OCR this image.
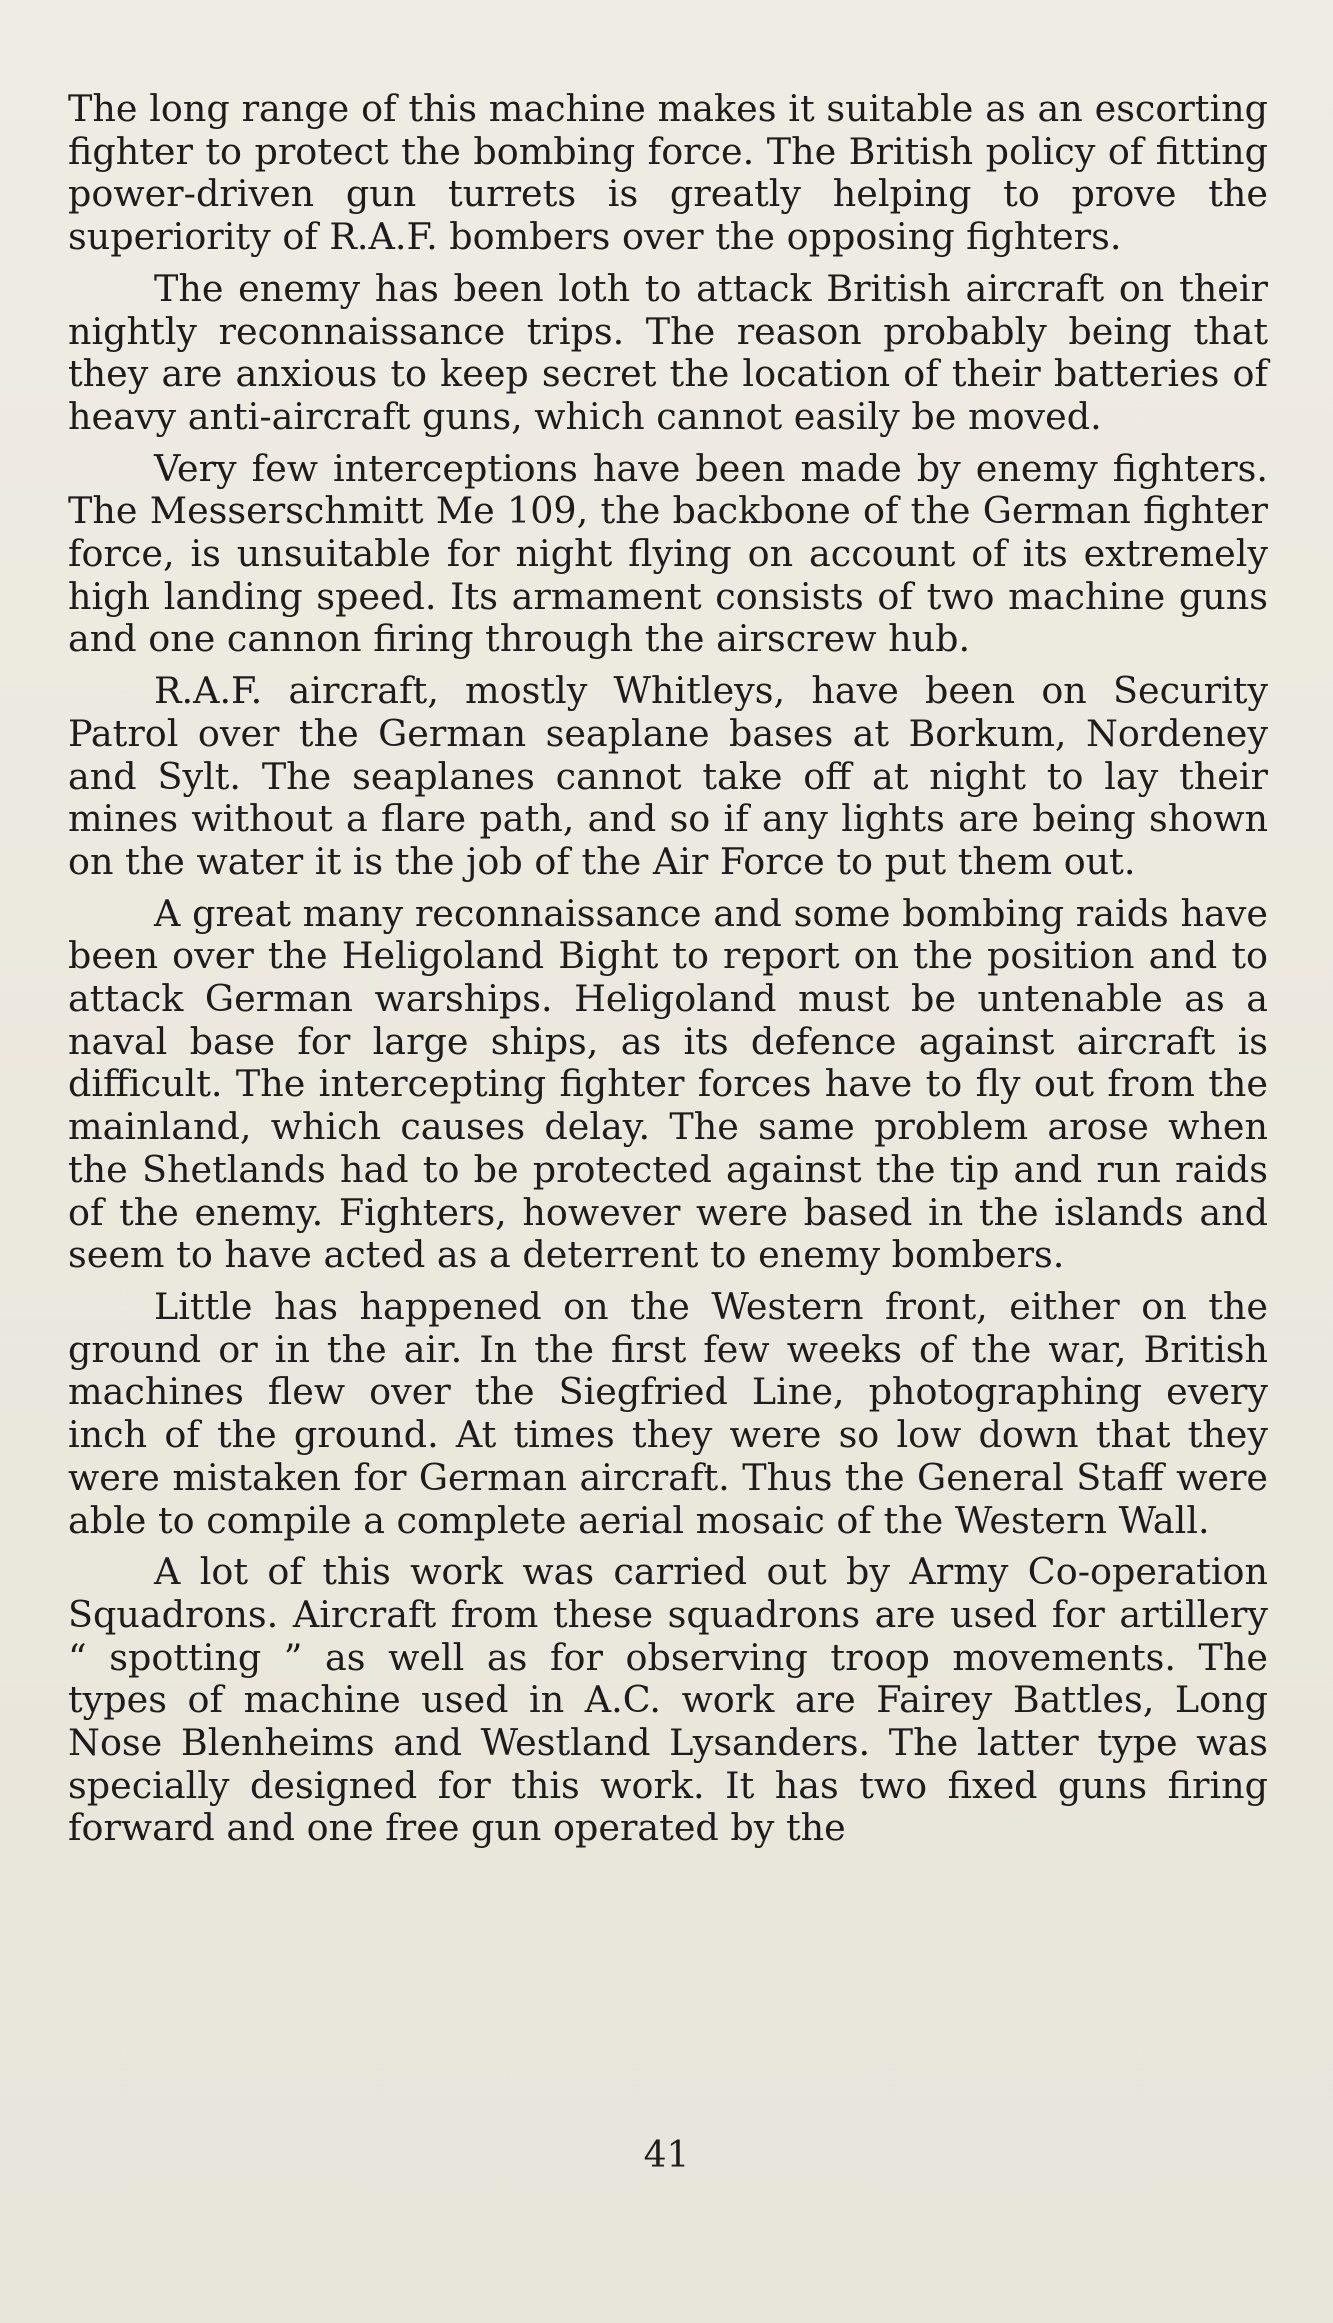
The long range of this machine makes it suitable as an escorting fighter to protect the bombing force. The British policy of fitting power-driven gun turrets is greatly helping to prove the superiority of R.A.F. bombers over the opposing fighters.

The enemy has been loth to attack British aircraft on their nightly reconnaissance trips. The reason probably being that they are anxious to keep secret the location of their batteries of heavy anti-aircraft guns, which cannot easily be moved.

Very few interceptions have been made by enemy fighters. The Messerschmitt Me 109, the backbone of the German fighter force, is unsuitable for night flying on account of its extremely high landing speed. Its armament consists of two machine guns and one cannon firing through the airscrew hub.

R.A.F. aircraft, mostly Whitleys, have been on Security Patrol over the German seaplane bases at Borkum, Nordeney and Sylt. The seaplanes cannot take off at night to lay their mines without a flare path, and so if any lights are being shown on the water it is the job of the Air Force to put them out.

A great many reconnaissance and some bombing raids have been over the Heligoland Bight to report on the position and to attack German warships. Heligoland must be untenable as a naval base for large ships, as its defence against aircraft is difficult. The intercepting fighter forces have to fly out from the mainland, which causes delay. The same problem arose when the Shetlands had to be protected against the tip and run raids of the enemy. Fighters, however were based in the islands and seem to have acted as a deterrent to enemy bombers.

Little has happened on the Western front, either on the ground or in the air. In the first few weeks of the war, British machines flew over the Siegfried Line, photographing every inch of the ground. At times they were so low down that they were mistaken for German aircraft. Thus the General Staff were able to compile a complete aerial mosaic of the Western Wall.

A lot of this work was carried out by Army Co-operation Squadrons. Aircraft from these squadrons are used for artillery “ spotting ” as well as for observing troop movements. The types of machine used in A.C. work are Fairey Battles, Long Nose Blenheims and Westland Lysanders. The latter type was specially designed for this work. It has two fixed guns firing forward and one free gun operated by the

41
